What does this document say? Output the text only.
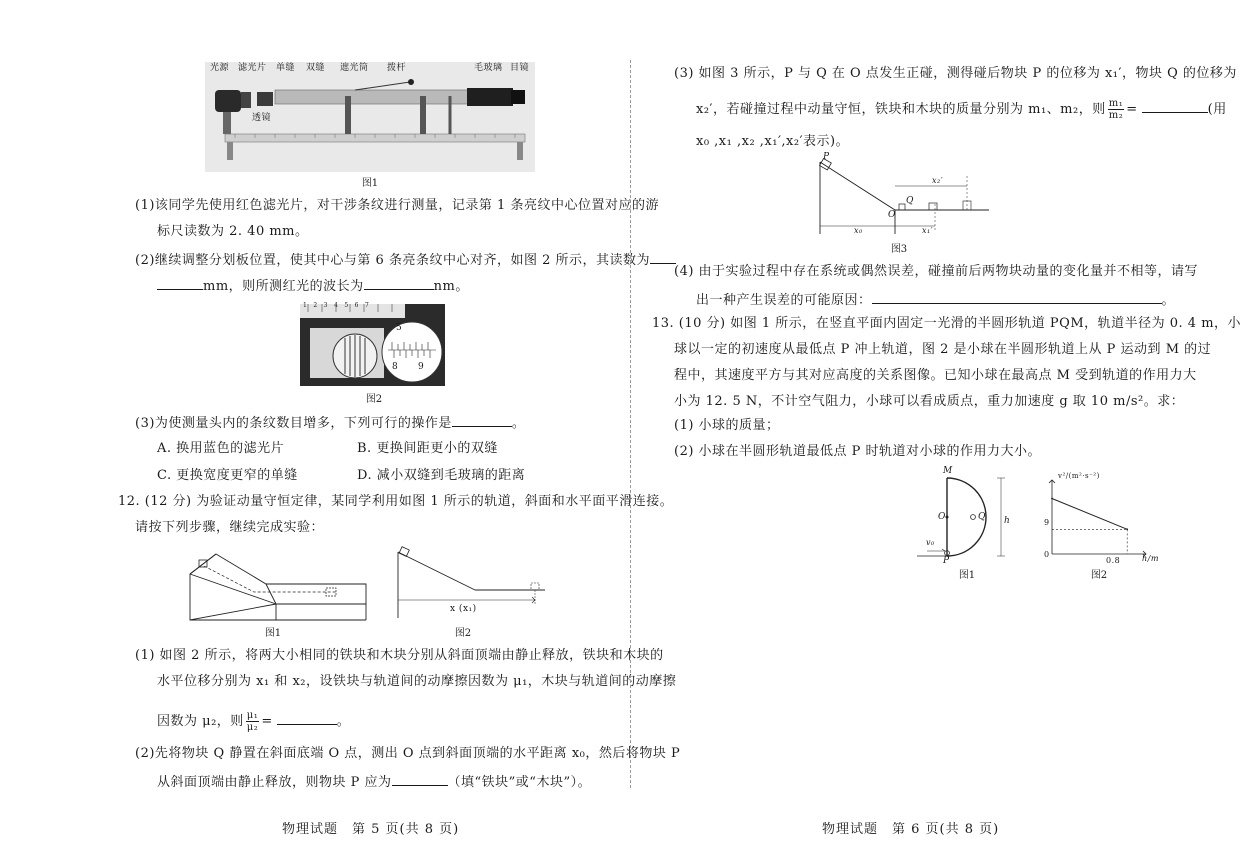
光源 滤光片 单缝 双缝 遮光筒 拨杆	毛玻璃 目镜
透镜
图1
(1)该同学先使用红色滤光片，对干涉条纹进行测量，记录第 1 条亮纹中心位置对应的游
标尺读数为 2. 40 mm。
(2)继续调整分划板位置，使其中心与第 6 条亮条纹中心对齐，如图 2 所示，其读数为
mm，则所测红光的波长为	nm。
1234567
5
8 9
图2
(3)为使测量头内的条纹数目增多，下列可行的操作是	。
A. 换用蓝色的滤光片	B. 更换间距更小的双缝
C. 更换宽度更窄的单缝	D. 减小双缝到毛玻璃的距离
12. (12 分) 为验证动量守恒定律，某同学利用如图 1 所示的轨道，斜面和水平面平滑连接。
请按下列步骤，继续完成实验：
图1
x (x₁)
图2
(1) 如图 2 所示，将两大小相同的铁块和木块分别从斜面顶端由静止释放，铁块和木块的
水平位移分别为 x₁ 和 x₂，设铁块与轨道间的动摩擦因数为 μ₁，木块与轨道间的动摩擦
因数为 μ₂，则 $\frac{\text{μ₁}}{\text{μ₂}}$ =	。
(2)先将物块 Q 静置在斜面底端 O 点，测出 O 点到斜面顶端的水平距离 x₀，然后将物块 P
从斜面顶端由静止释放，则物块 P 应为	（填“铁块”或“木块”）。
物理试题　第 5 页(共 8 页)
(3) 如图 3 所示，P 与 Q 在 O 点发生正碰，测得碰后物块 P 的位移为 x₁′，物块 Q 的位移为
x₂′，若碰撞过程中动量守恒，铁块和木块的质量分别为 m₁、m₂，则 $\frac{\text{m₁}}{\text{m₂}}$ =	(用
x₀ ,x₁ ,x₂ ,x₁′,x₂′表示)。
P
O
Q
x₀	x₁′
x₂′
图3
(4) 由于实验过程中存在系统或偶然误差，碰撞前后两物块动量的变化量并不相等，请写
出一种产生误差的可能原因：	。
13. (10 分) 如图 1 所示，在竖直平面内固定一光滑的半圆形轨道 PQM，轨道半径为 0. 4 m，小
球以一定的初速度从最低点 P 冲上轨道，图 2 是小球在半圆形轨道上从 P 运动到 M 的过
程中，其速度平方与其对应高度的关系图像。已知小球在最高点 M 受到轨道的作用力大
小为 12. 5 N，不计空气阻力，小球可以看成质点，重力加速度 g 取 10 m/s²。求：
(1) 小球的质量；
(2) 小球在半圆形轨道最低点 P 时轨道对小球的作用力大小。
M
O	Q h
v₀
P
图1
v²/(m²·s⁻²)
h/m
9
0
0.8
图2
物理试题　第 6 页(共 8 页)
